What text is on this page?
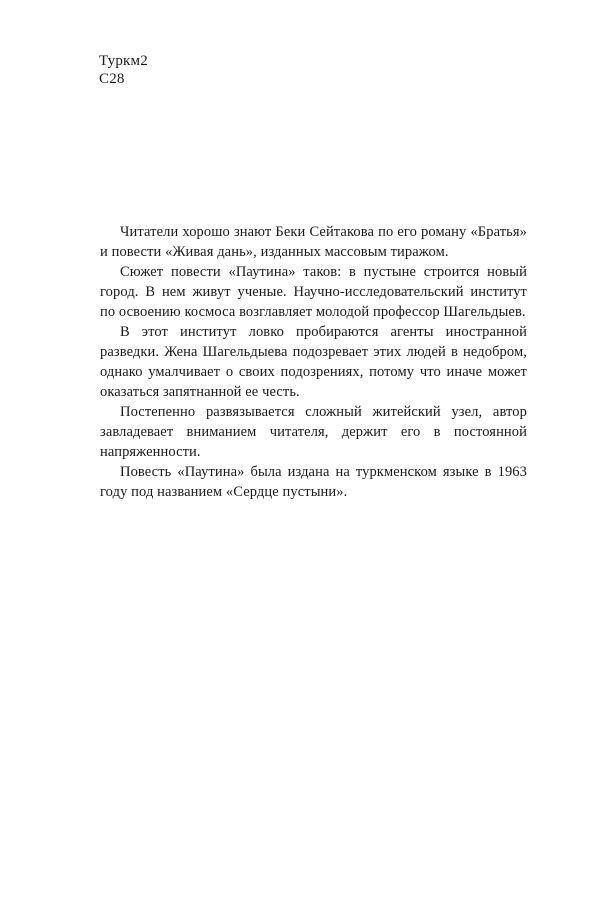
Туркм2
С28

Читатели хорошо знают Беки Сейтакова по его роману «Братья» и повести «Живая дань», изданных массовым тиражом.

Сюжет повести «Паутина» таков: в пустыне строится новый город. В нем живут ученые. Научно-исследовательский институт по освоению космоса возглавляет молодой профессор Шагельдыев.

В этот институт ловко пробираются агенты иностранной разведки. Жена Шагельдыева подозревает этих людей в недобром, однако умалчивает о своих подозрениях, потому что иначе может оказаться запятнанной ее честь.

Постепенно развязывается сложный житейский узел, автор завладевает вниманием читателя, держит его в постоянной напряженности.

Повесть «Паутина» была издана на туркменском языке в 1963 году под названием «Сердце пустыни».
